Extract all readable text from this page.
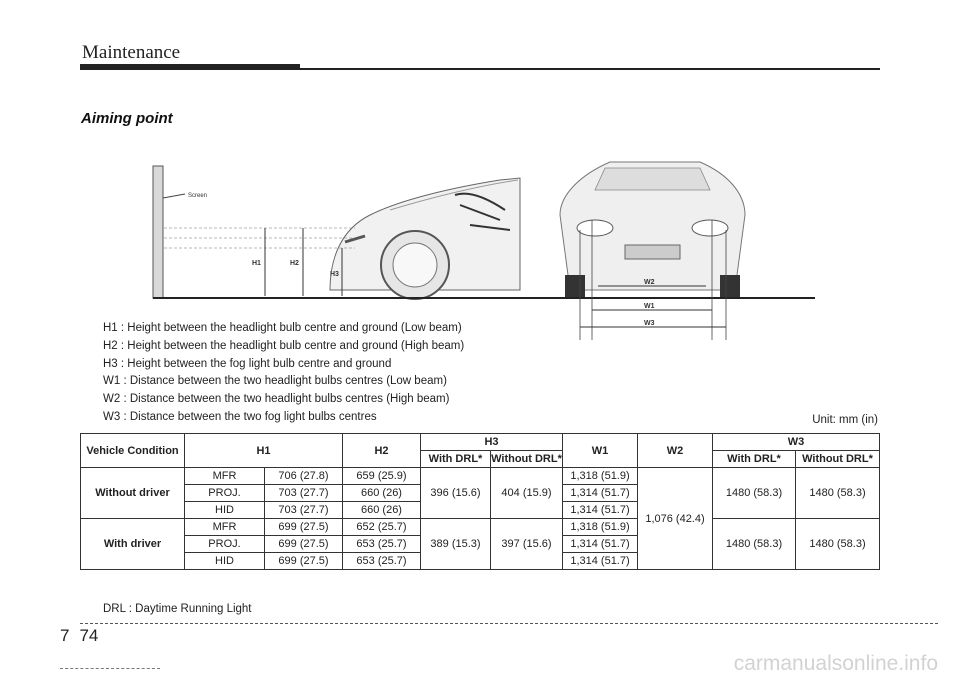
Maintenance
Aiming point
Screen
H1	H2
H3
W2
W1
W3
H1 : Height between the headlight bulb centre and ground (Low beam)
H2 : Height between the headlight bulb centre and ground (High beam)
H3 : Height between the fog light bulb centre and ground
W1 : Distance between the two headlight bulbs centres (Low beam)
W2 : Distance between the two headlight bulbs centres (High beam)
W3 : Distance between the two fog light bulbs centres	Unit: mm (in)
Vehicle Condition	H1		H2	H3		W1	W2	W3	
				With DRL*	Without DRL*			With DRL*	Without DRL*
Without driver	MFR	706 (27.8)	659 (25.9)	396 (15.6)	404 (15.9)	1,318 (51.9)	1,076 (42.4)	1480 (58.3)	1480 (58.3)
	PROJ.	703 (27.7)	660 (26)			1,314 (51.7)			
	HID	703 (27.7)	660 (26)			1,314 (51.7)			
With driver	MFR	699 (27.5)	652 (25.7)	389 (15.3)	397 (15.6)	1,318 (51.9)		1480 (58.3)	1480 (58.3)
	PROJ.	699 (27.5)	653 (25.7)			1,314 (51.7)			
	HID	699 (27.5)	653 (25.7)			1,314 (51.7)			
DRL : Daytime Running Light
7 74
carmanualsonline.info
